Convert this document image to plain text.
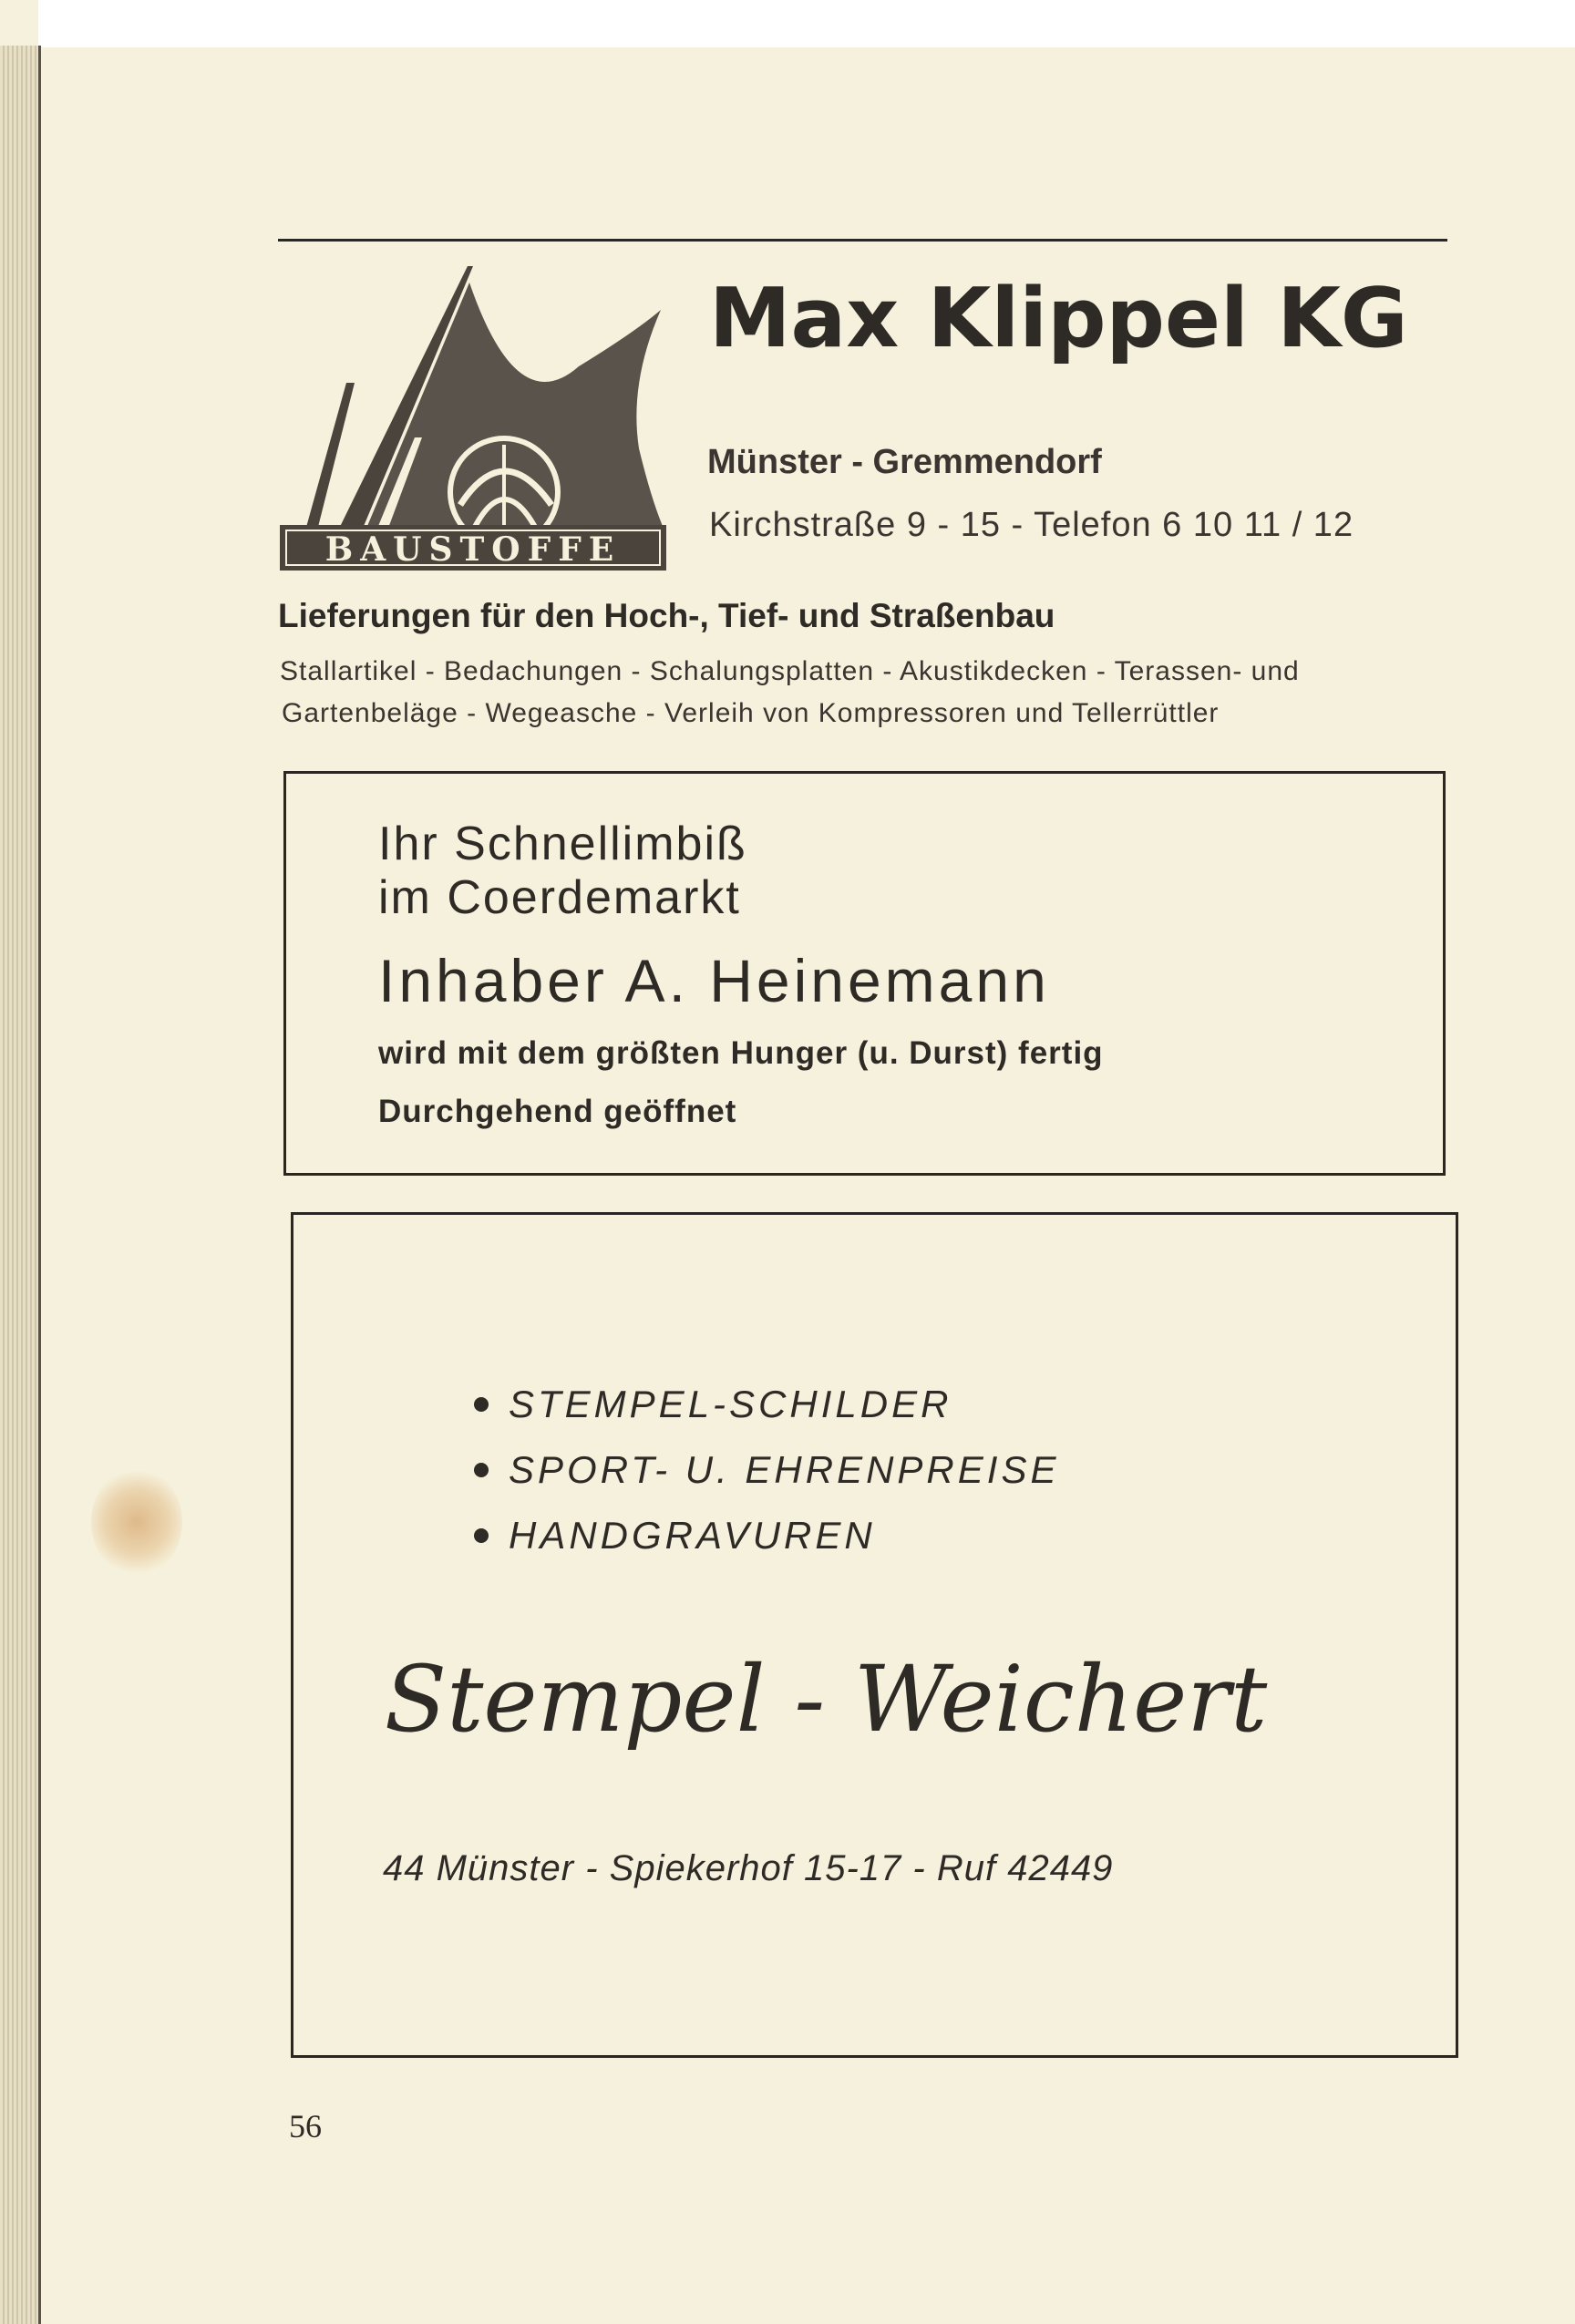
BAUSTOFFE
Max Klippel KG
Münster - Gremmendorf
Kirchstraße 9 - 15 - Telefon 6 10 11 / 12
Lieferungen für den Hoch-, Tief- und Straßenbau
Stallartikel - Bedachungen - Schalungsplatten - Akustikdecken - Terassen- und
Gartenbeläge - Wegeasche - Verleih von Kompressoren und Tellerrüttler
Ihr Schnellimbiß
im Coerdemarkt
Inhaber A. Heinemann
wird mit dem größten Hunger (u. Durst) fertig
Durchgehend geöffnet
STEMPEL-SCHILDER
SPORT- U. EHRENPREISE
HANDGRAVUREN
Stempel - Weichert
44 Münster - Spiekerhof 15-17 - Ruf 42449
56
